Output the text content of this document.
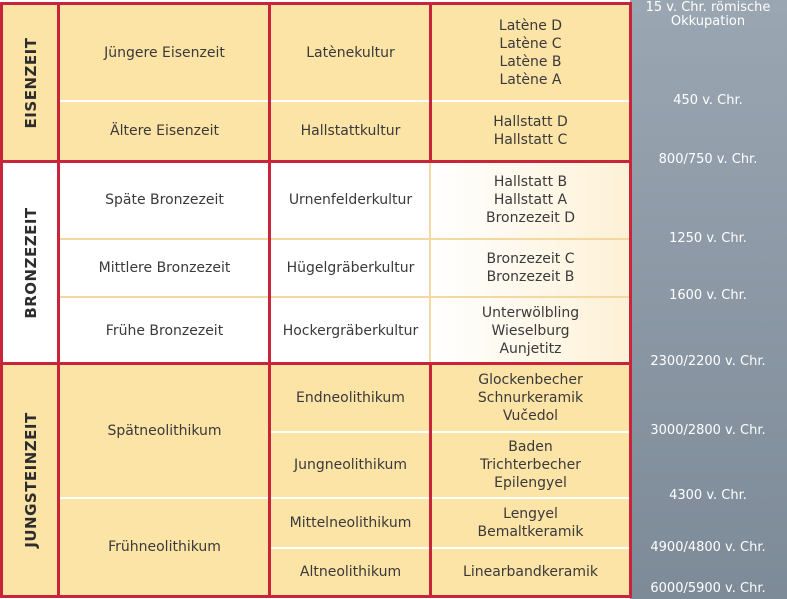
EISENZEIT
BRONZEZEIT
JUNGSTEINZEIT
Jüngere Eisenzeit
Ältere Eisenzeit
Späte Bronzezeit
Mittlere Bronzezeit
Frühe Bronzezeit
Spätneolithikum
Frühneolithikum
Latènekultur
Hallstattkultur
Urnenfelderkultur
Hügelgräberkultur
Hockergräberkultur
Endneolithikum
Jungneolithikum
Mittelneolithikum
Altneolithikum
Latène D
Latène C
Latène B
Latène A
Hallstatt D
Hallstatt C
Hallstatt B
Hallstatt A
Bronzezeit D
Bronzezeit C
Bronzezeit B
Unterwölbling
Wieselburg
Aunjetitz
Glockenbecher
Schnurkeramik
Vučedol
Baden
Trichterbecher
Epilengyel
Lengyel
Bemaltkeramik
Linearbandkeramik
15 v. Chr. römische
Okkupation
450 v. Chr.
800/750 v. Chr.
1250 v. Chr.
1600 v. Chr.
2300/2200 v. Chr.
3000/2800 v. Chr.
4300 v. Chr.
4900/4800 v. Chr.
6000/5900 v. Chr.
